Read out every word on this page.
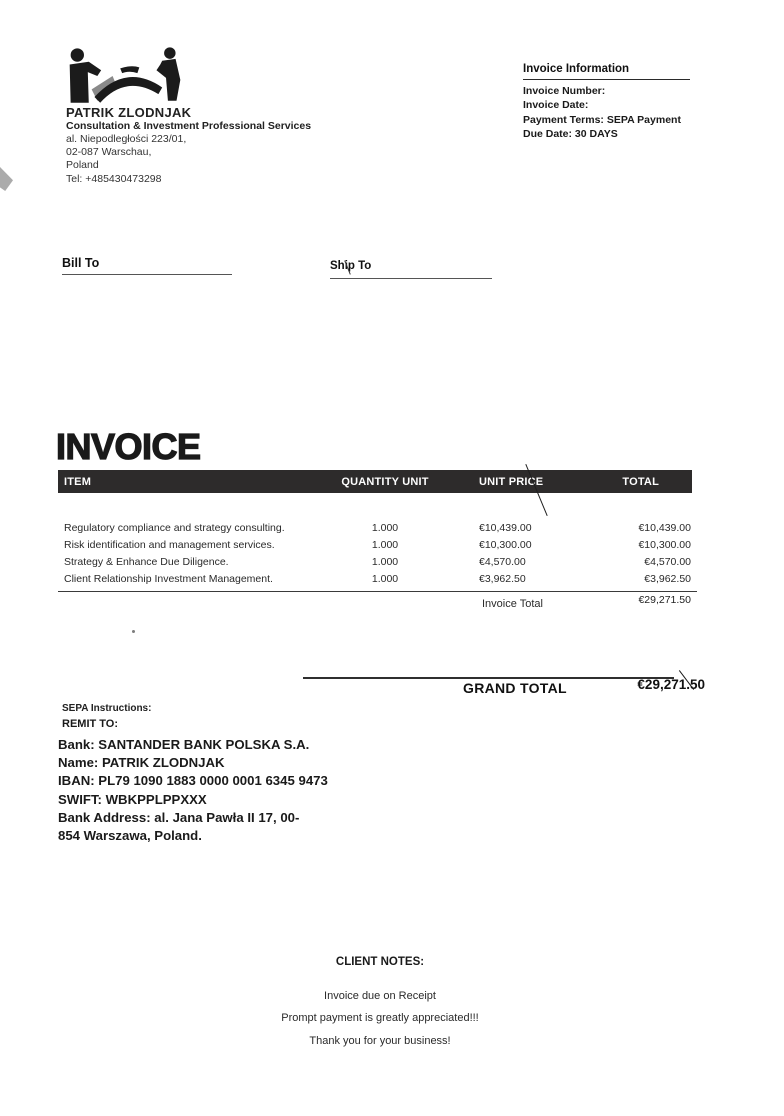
PATRIK ZLODNJAK
Consultation & Investment Professional Services
al. Niepodległości 223/01,
02-087 Warschau,
Poland
Tel: +485430473298
Invoice Information
Invoice Number:
Invoice Date:
Payment Terms: SEPA Payment
Due Date: 30 DAYS
Bill To	Ship To
INVOICE
ITEM	QUANTITY UNIT	UNIT PRICE	TOTAL
Regulatory compliance and strategy consulting.	1.000	€10,439.00	€10,439.00
Risk identification and management services.	1.000	€10,300.00	€10,300.00
Strategy & Enhance Due Diligence.	1.000	€4,570.00	€4,570.00
Client Relationship Investment Management.	1.000	€3,962.50	€3,962.50
Invoice Total	€29,271.50
GRAND TOTAL	€29,271.50
SEPA Instructions:
REMIT TO:
Bank: SANTANDER BANK POLSKA S.A.
Name: PATRIK ZLODNJAK
IBAN: PL79 1090 1883 0000 0001 6345 9473
SWIFT: WBKPPLPPXXX
Bank Address: al. Jana Pawła II 17, 00-
854 Warszawa, Poland.
CLIENT NOTES:
Invoice due on Receipt
Prompt payment is greatly appreciated!!!
Thank you for your business!
